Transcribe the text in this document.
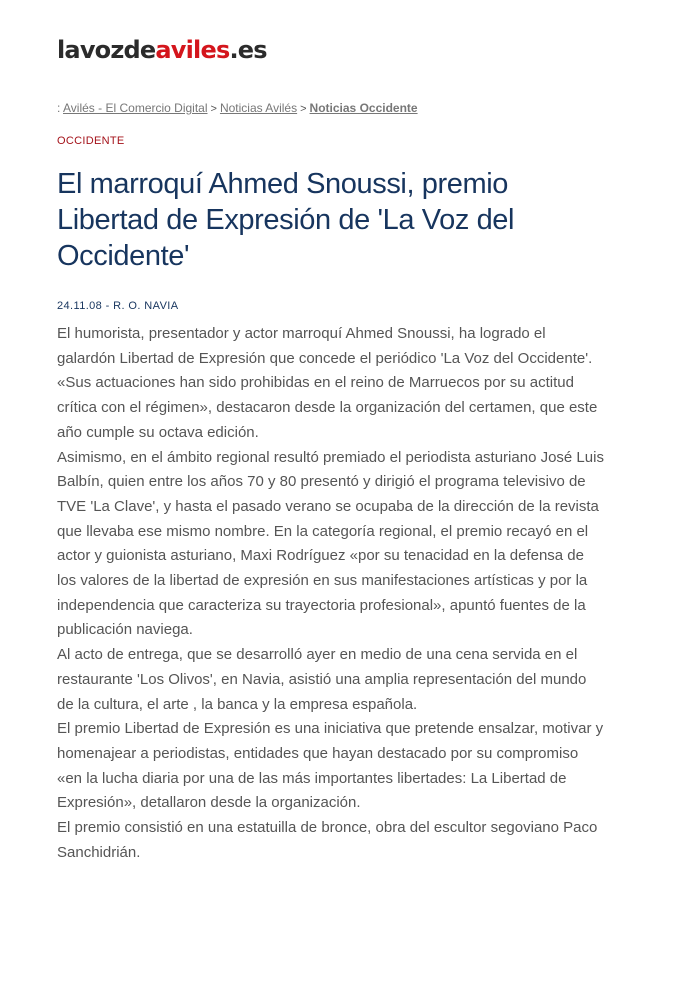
lavozdeaviles.es
: Avilés - El Comercio Digital > Noticias Avilés > Noticias Occidente
OCCIDENTE
El marroquí Ahmed Snoussi, premio Libertad de Expresión de 'La Voz del Occidente'
24.11.08 - R. O. NAVIA

El humorista, presentador y actor marroquí Ahmed Snoussi, ha logrado el galardón Libertad de Expresión que concede el periódico 'La Voz del Occidente'. «Sus actuaciones han sido prohibidas en el reino de Marruecos por su actitud crítica con el régimen», destacaron desde la organización del certamen, que este año cumple su octava edición.

Asimismo, en el ámbito regional resultó premiado el periodista asturiano José Luis Balbín, quien entre los años 70 y 80 presentó y dirigió el programa televisivo de TVE 'La Clave', y hasta el pasado verano se ocupaba de la dirección de la revista que llevaba ese mismo nombre. En la categoría regional, el premio recayó en el actor y guionista asturiano, Maxi Rodríguez «por su tenacidad en la defensa de los valores de la libertad de expresión en sus manifestaciones artísticas y por la independencia que caracteriza su trayectoria profesional», apuntó fuentes de la publicación naviega.

Al acto de entrega, que se desarrolló ayer en medio de una cena servida en el restaurante 'Los Olivos', en Navia, asistió una amplia representación del mundo de la cultura, el arte , la banca y la empresa española.

El premio Libertad de Expresión es una iniciativa que pretende ensalzar, motivar y homenajear a periodistas, entidades que hayan destacado por su compromiso «en la lucha diaria por una de las más importantes libertades: La Libertad de Expresión», detallaron desde la organización.

El premio consistió en una estatuilla de bronce, obra del escultor segoviano Paco Sanchidrián.
